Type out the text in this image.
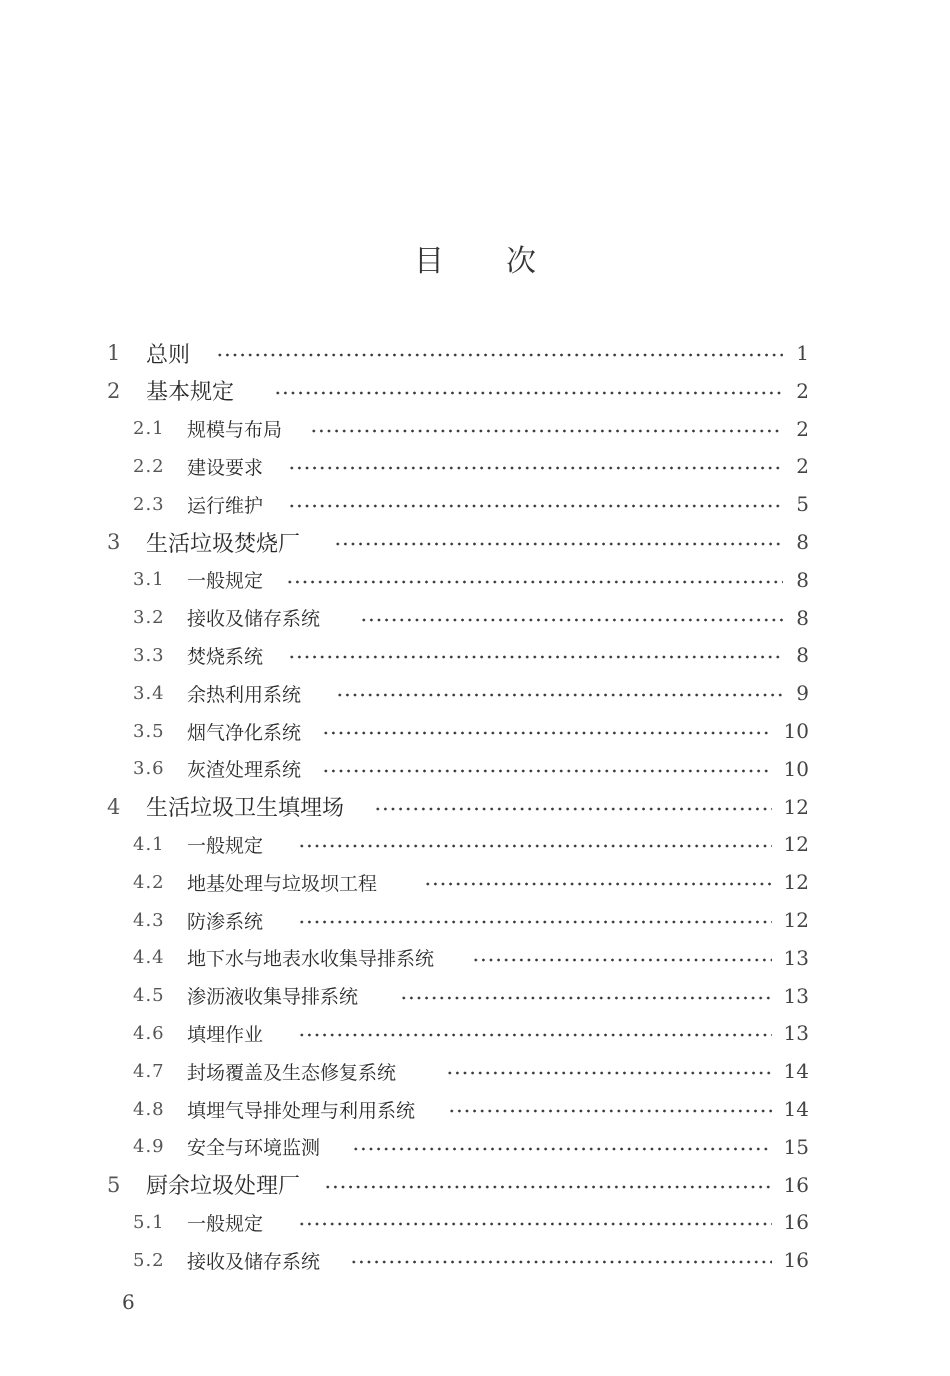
目 次
1 总则	1
2 基本规定	2
2.1 规模与布局	2
2.2 建设要求	2
2.3 运行维护	5
3 生活垃圾焚烧厂	8
3.1 一般规定	8
3.2 接收及储存系统	8
3.3 焚烧系统	8
3.4 余热利用系统	9
3.5 烟气净化系统	10
3.6 灰渣处理系统	10
4 生活垃圾卫生填埋场	12
4.1 一般规定	12
4.2 地基处理与垃圾坝工程	12
4.3 防渗系统	12
4.4 地下水与地表水收集导排系统	13
4.5 渗沥液收集导排系统	13
4.6 填埋作业	13
4.7 封场覆盖及生态修复系统	14
4.8 填埋气导排处理与利用系统	14
4.9 安全与环境监测	15
5 厨余垃圾处理厂	16
5.1 一般规定	16
5.2 接收及储存系统	16
6
